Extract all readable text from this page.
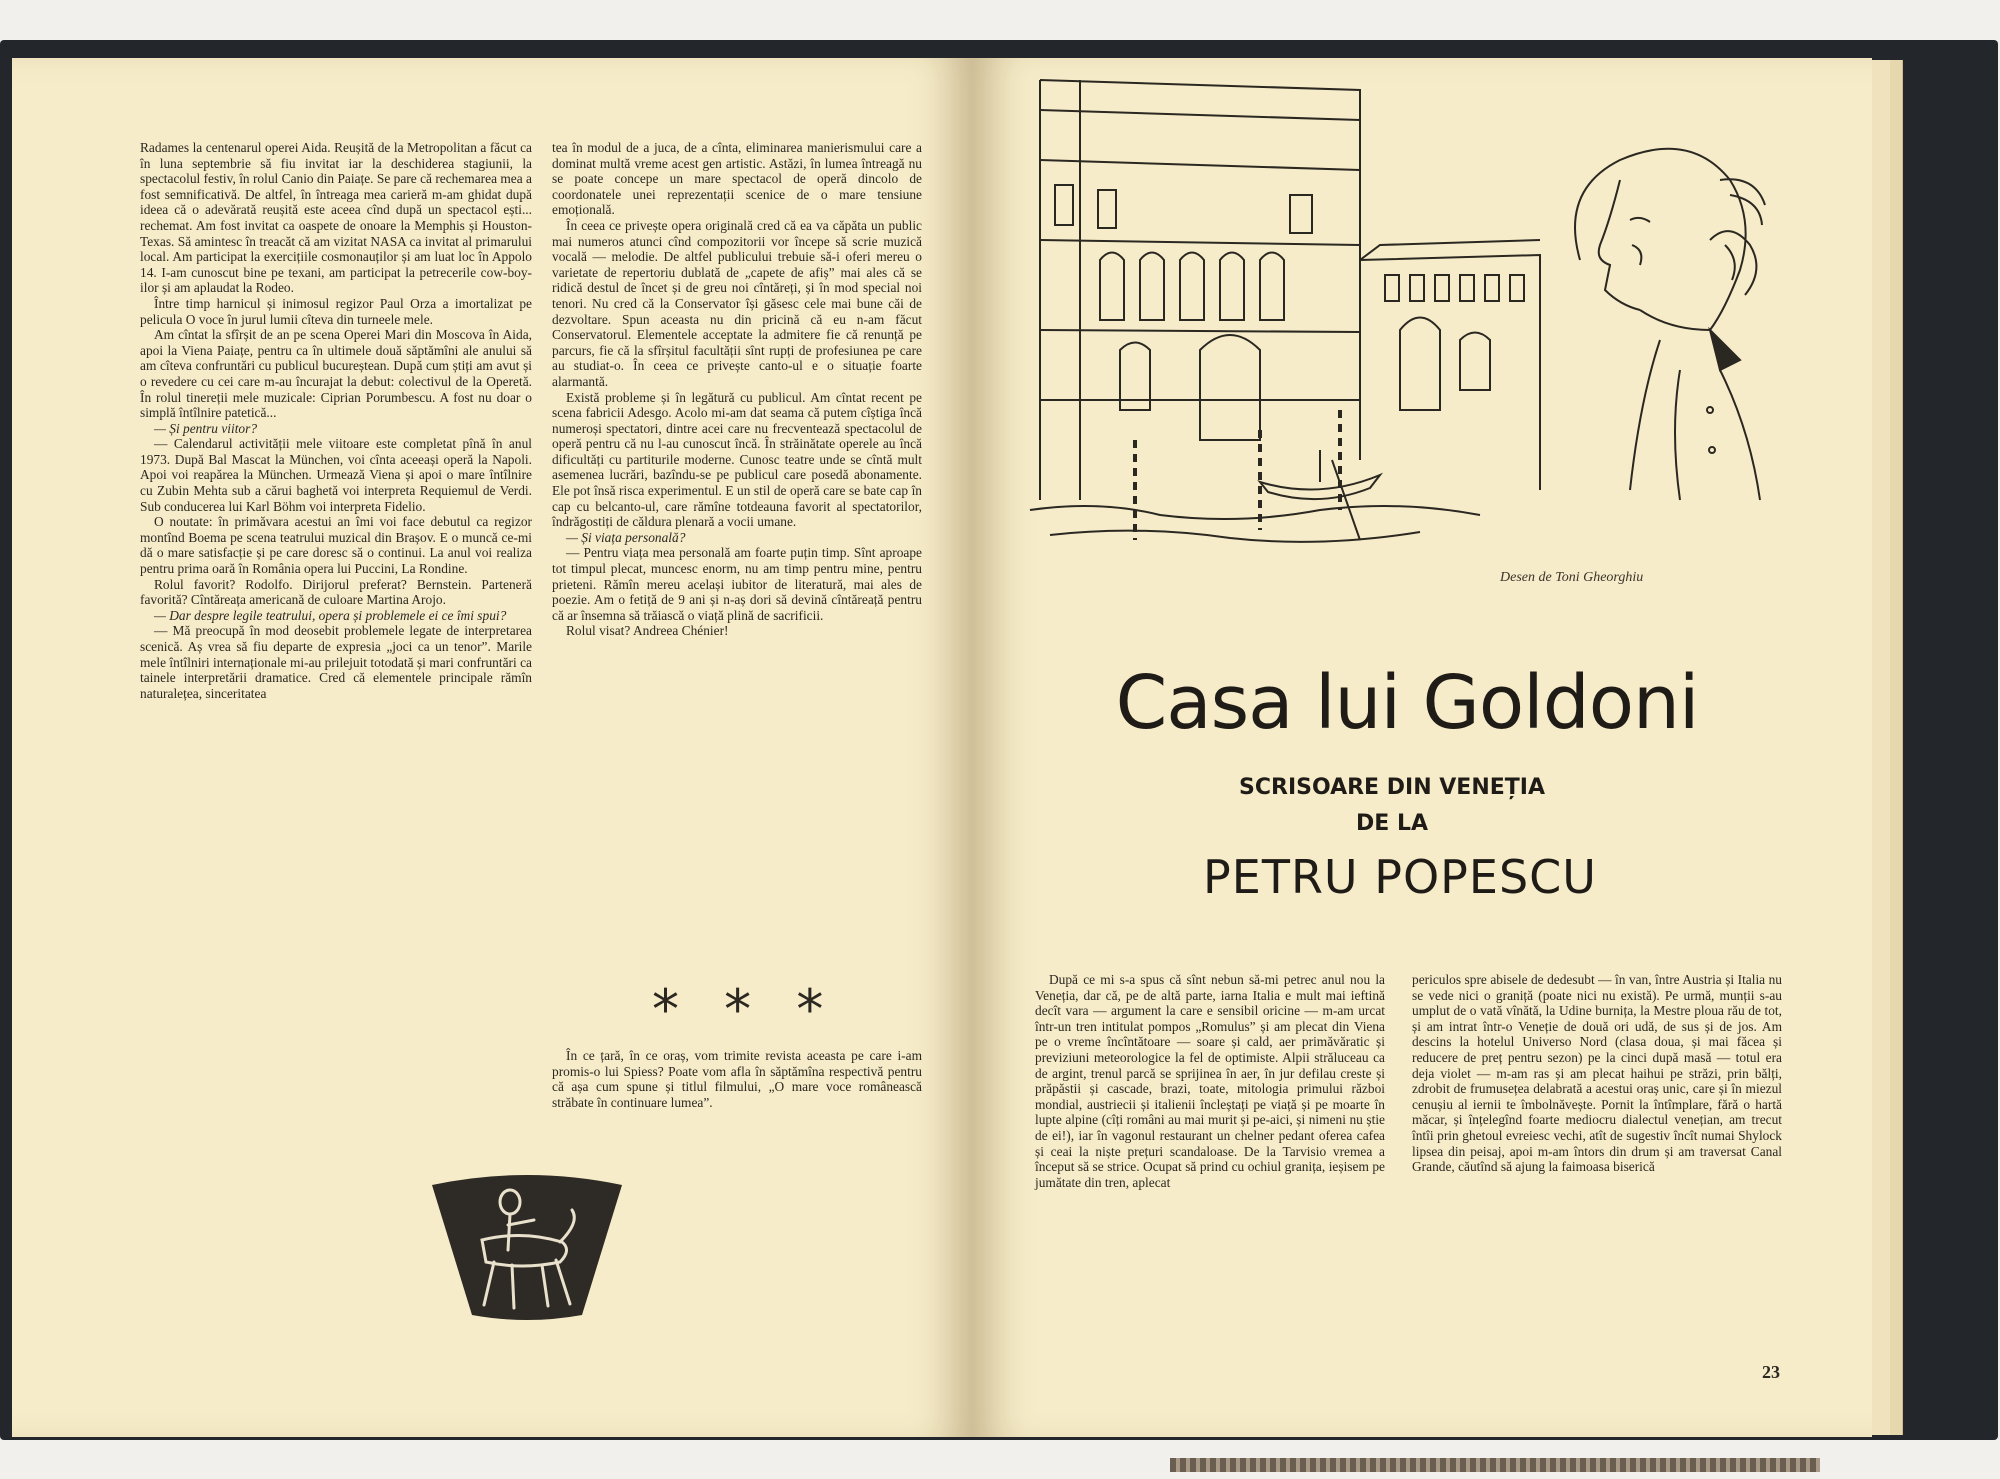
Radames la centenarul operei Aida. Reușită de la Metropolitan a făcut ca în luna septembrie să fiu invitat iar la deschiderea stagiunii, la spectacolul festiv, în rolul Canio din Paiațe. Se pare că rechemarea mea a fost semnificativă. De altfel, în întreaga mea carieră m-am ghidat după ideea că o adevărată reușită este aceea cînd după un spectacol ești... rechemat. Am fost invitat ca oaspete de onoare la Memphis și Houston-Texas. Să amintesc în treacăt că am vizitat NASA ca invitat al primarului local. Am participat la exercițiile cosmonauților și am luat loc în Appolo 14. I-am cunoscut bine pe texani, am participat la petrecerile cow-boy-ilor și am aplaudat la Rodeo.

Între timp harnicul și inimosul regizor Paul Orza a imortalizat pe pelicula O voce în jurul lumii cîteva din turneele mele.

Am cîntat la sfîrșit de an pe scena Operei Mari din Moscova în Aida, apoi la Viena Paiațe, pentru ca în ultimele două săptămîni ale anului să am cîteva confruntări cu publicul bucureștean. După cum știți am avut și o revedere cu cei care m-au încurajat la debut: colectivul de la Operetă. În rolul tinereții mele muzicale: Ciprian Porumbescu. A fost nu doar o simplă întîlnire patetică...

— Și pentru viitor?

— Calendarul activității mele viitoare este completat pînă în anul 1973. După Bal Mascat la München, voi cînta aceeași operă la Napoli. Apoi voi reapărea la München. Urmează Viena și apoi o mare întîlnire cu Zubin Mehta sub a cărui baghetă voi interpreta Requiemul de Verdi. Sub conducerea lui Karl Böhm voi interpreta Fidelio.

O noutate: în primăvara acestui an îmi voi face debutul ca regizor montînd Boema pe scena teatrului muzical din Brașov. E o muncă ce-mi dă o mare satisfacție și pe care doresc să o continui. La anul voi realiza pentru prima oară în România opera lui Puccini, La Rondine.

Rolul favorit? Rodolfo. Dirijorul preferat? Bernstein. Parteneră favorită? Cîntăreața americană de culoare Martina Arojo.

— Dar despre legile teatrului, opera și problemele ei ce îmi spui?

— Mă preocupă în mod deosebit problemele legate de interpretarea scenică. Aș vrea să fiu departe de expresia „joci ca un tenor”. Marile mele întîlniri internaționale mi-au prilejuit totodată și mari confruntări ca tainele interpretării dramatice. Cred că elementele principale rămîn naturalețea, sinceritatea

tea în modul de a juca, de a cînta, eliminarea manierismului care a dominat multă vreme acest gen artistic. Astăzi, în lumea întreagă nu se poate concepe un mare spectacol de operă dincolo de coordonatele unei reprezentații scenice de o mare tensiune emoțională.

În ceea ce privește opera originală cred că ea va căpăta un public mai numeros atunci cînd compozitorii vor începe să scrie muzică vocală — melodie. De altfel publicului trebuie să-i oferi mereu o varietate de repertoriu dublată de „capete de afiș” mai ales că se ridică destul de încet și de greu noi cîntăreți, și în mod special noi tenori. Nu cred că la Conservator își găsesc cele mai bune căi de dezvoltare. Spun aceasta nu din pricină că eu n-am făcut Conservatorul. Elementele acceptate la admitere fie că renunță pe parcurs, fie că la sfîrșitul facultății sînt rupți de profesiunea pe care au studiat-o. În ceea ce privește canto-ul e o situație foarte alarmantă.

Există probleme și în legătură cu publicul. Am cîntat recent pe scena fabricii Adesgo. Acolo mi-am dat seama că putem cîștiga încă numeroși spectatori, dintre acei care nu frecventează spectacolul de operă pentru că nu l-au cunoscut încă. În străinătate operele au încă dificultăți cu partiturile moderne. Cunosc teatre unde se cîntă mult asemenea lucrări, bazîndu-se pe publicul care posedă abonamente. Ele pot însă risca experimentul. E un stil de operă care se bate cap în cap cu belcanto-ul, care rămîne totdeauna favorit al spectatorilor, îndrăgostiți de căldura plenară a vocii umane.

— Și viața personală?

— Pentru viața mea personală am foarte puțin timp. Sînt aproape tot timpul plecat, muncesc enorm, nu am timp pentru mine, pentru prieteni. Rămîn mereu același iubitor de literatură, mai ales de poezie. Am o fetiță de 9 ani și n-aș dori să devină cîntăreață pentru că ar însemna să trăiască o viață plină de sacrificii.

Rolul visat? Andreea Chénier!

* * *

În ce țară, în ce oraș, vom trimite revista aceasta pe care i-am promis-o lui Spiess? Poate vom afla în săptămîna respectivă pentru că așa cum spune și titlul filmului, „O mare voce românească străbate în continuare lumea”.

Desen de Toni Gheorghiu
Casa lui Goldoni
SCRISOARE DIN VENEȚIA
DE LA
PETRU POPESCU

După ce mi s-a spus că sînt nebun să-mi petrec anul nou la Veneția, dar că, pe de altă parte, iarna Italia e mult mai ieftină decît vara — argument la care e sensibil oricine — m-am urcat într-un tren intitulat pompos „Romulus” și am plecat din Viena pe o vreme încîntătoare — soare și cald, aer primăvăratic și previziuni meteorologice la fel de optimiste. Alpii străluceau ca de argint, trenul parcă se sprijinea în aer, în jur defilau creste și prăpăstii și cascade, brazi, toate, mitologia primului război mondial, austriecii și italienii încleștați pe viață și pe moarte în lupte alpine (cîți români au mai murit și pe-aici, și nimeni nu știe de ei!), iar în vagonul restaurant un chelner pedant oferea cafea și ceai la niște prețuri scandaloase. De la Tarvisio vremea a început să se strice. Ocupat să prind cu ochiul granița, ieșisem pe jumătate din tren, aplecat

periculos spre abisele de dedesubt — în van, între Austria și Italia nu se vede nici o graniță (poate nici nu există). Pe urmă, munții s-au umplut de o vată vînătă, la Udine burnița, la Mestre ploua rău de tot, și am intrat într-o Veneție de două ori udă, de sus și de jos. Am descins la hotelul Universo Nord (clasa doua, și mai făcea și reducere de preț pentru sezon) pe la cinci după masă — totul era deja violet — m-am ras și am plecat haihui pe străzi, prin bălți, zdrobit de frumusețea delabrată a acestui oraș unic, care și în miezul cenușiu al iernii te îmbolnăvește. Pornit la întîmplare, fără o hartă măcar, și înțelegînd foarte mediocru dialectul venețian, am trecut întîi prin ghetoul evreiesc vechi, atît de sugestiv încît numai Shylock lipsea din peisaj, apoi m-am întors din drum și am traversat Canal Grande, căutînd să ajung la faimoasa biserică

23
